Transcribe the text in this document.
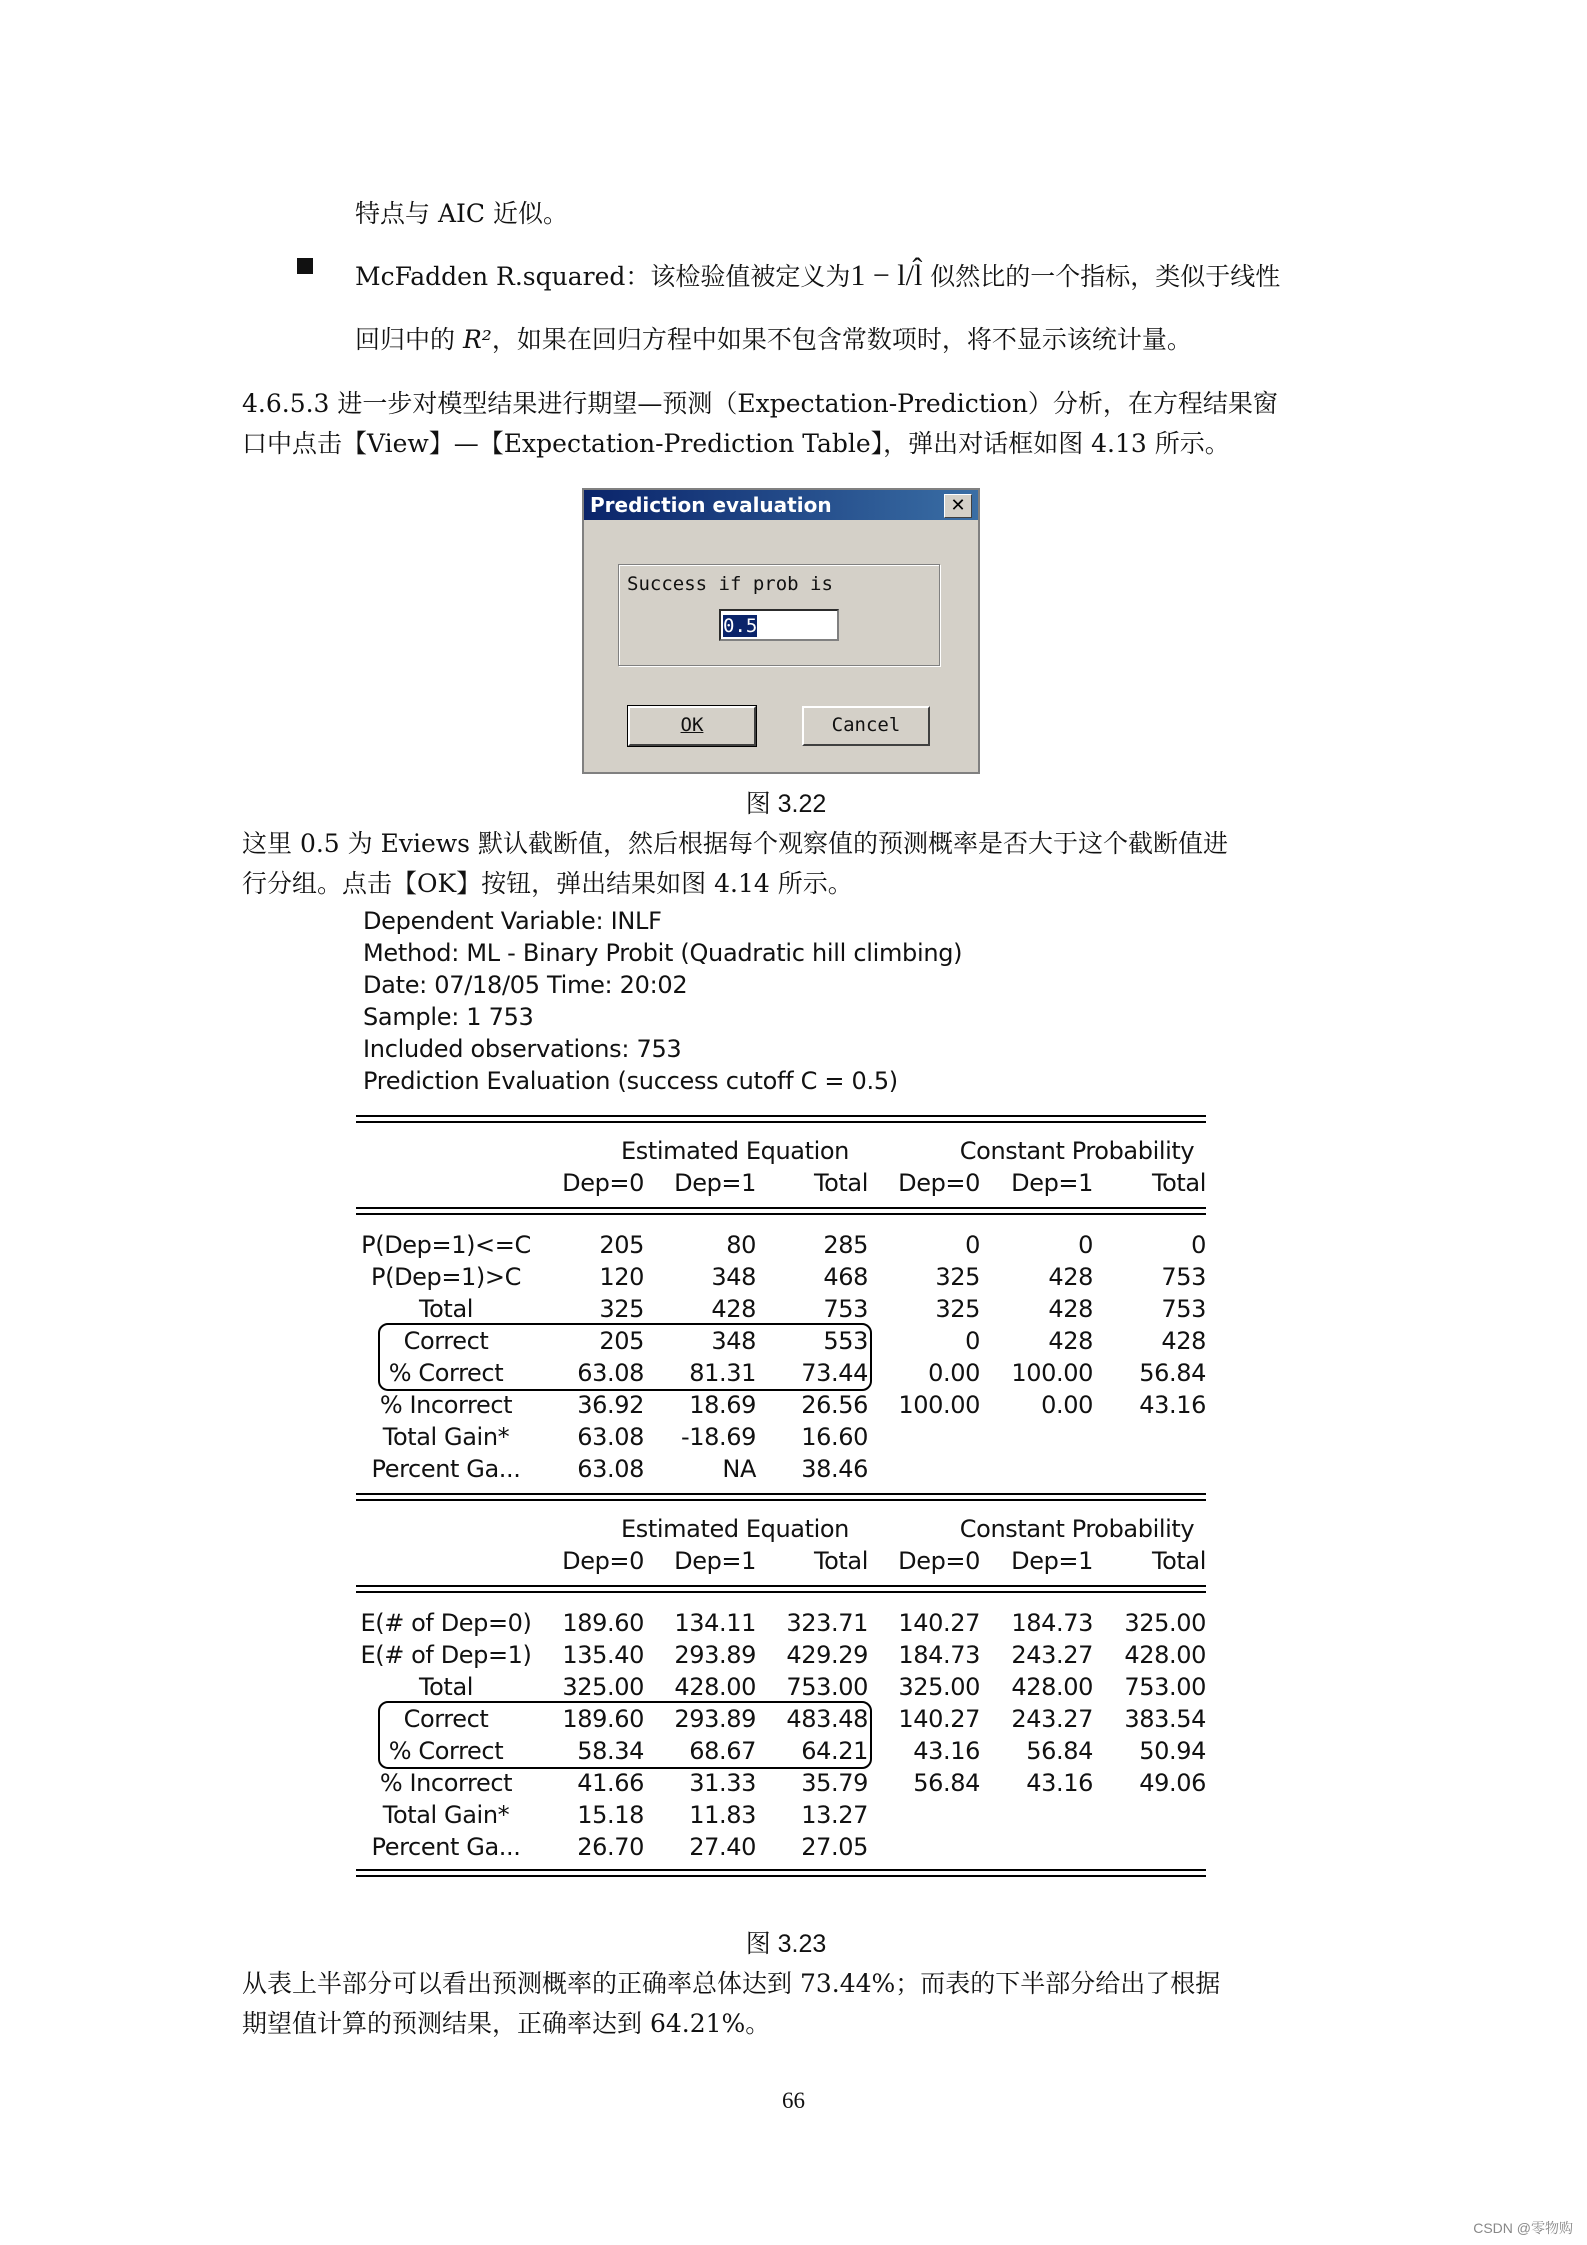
特点与 AIC 近似。
McFadden R.squared：该检验值被定义为1 − l/l̂ 似然比的一个指标，类似于线性
回归中的 R²，如果在回归方程中如果不包含常数项时，将不显示该统计量。
4.6.5.3 进一步对模型结果进行期望—预测（Expectation-Prediction）分析，在方程结果窗
口中点击【View】—【Expectation-Prediction Table】，弹出对话框如图 4.13 所示。
Prediction evaluation	✕
Success if prob is
0.5
OK	Cancel
图 3.22
这里 0.5 为 Eviews 默认截断值，然后根据每个观察值的预测概率是否大于这个截断值进
行分组。点击【OK】按钮，弹出结果如图 4.14 所示。
Dependent Variable: INLF
Method: ML - Binary Probit (Quadratic hill climbing)
Date: 07/18/05 Time: 20:02
Sample: 1 753
Included observations: 753
Prediction Evaluation (success cutoff C = 0.5)
Estimated Equation	Constant Probability
Dep=0	Dep=1	Total	Dep=0	Dep=1	Total
P(Dep=1)<=C	205	80	285	0	0	0
P(Dep=1)>C	120	348	468	325	428	753
Total	325	428	753	325	428	753
Correct	205	348	553	0	428	428
% Correct	63.08	81.31	73.44	0.00	100.00	56.84
% Incorrect	36.92	18.69	26.56	100.00	0.00	43.16
Total Gain*	63.08	-18.69	16.60
Percent Ga...	63.08	NA	38.46
Estimated Equation	Constant Probability
Dep=0	Dep=1	Total	Dep=0	Dep=1	Total
E(# of Dep=0)	189.60	134.11	323.71	140.27	184.73	325.00
E(# of Dep=1)	135.40	293.89	429.29	184.73	243.27	428.00
Total	325.00	428.00	753.00	325.00	428.00	753.00
Correct	189.60	293.89	483.48	140.27	243.27	383.54
% Correct	58.34	68.67	64.21	43.16	56.84	50.94
% Incorrect	41.66	31.33	35.79	56.84	43.16	49.06
Total Gain*	15.18	11.83	13.27
Percent Ga...	26.70	27.40	27.05
图 3.23
从表上半部分可以看出预测概率的正确率总体达到 73.44%；而表的下半部分给出了根据
期望值计算的预测结果，正确率达到 64.21%。
66
CSDN @零物购
